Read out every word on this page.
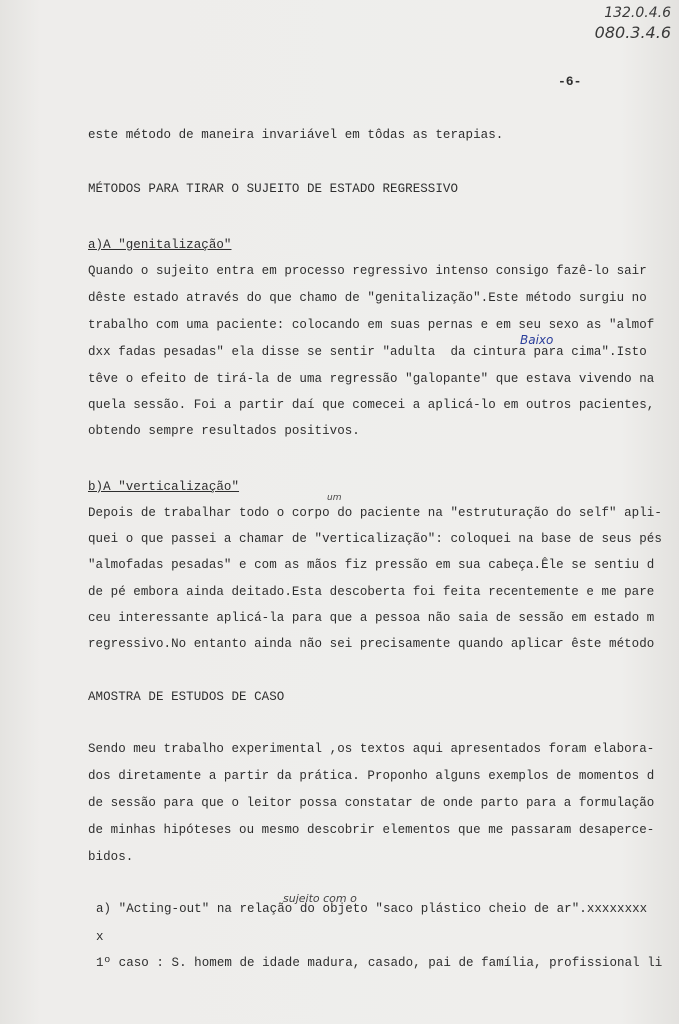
132.0.4.6
080.3.4.6
-6-
este método de maneira invariável em tôdas as terapias.
MÉTODOS PARA TIRAR O SUJEITO DE ESTADO REGRESSIVO
a)A "genitalização"
Quando o sujeito entra em processo regressivo intenso consigo fazê-lo sair
dêste estado através do que chamo de "genitalização".Este método surgiu no
trabalho com uma paciente: colocando em suas pernas e em seu sexo as "almof
dxx fadas pesadas" ela disse se sentir "adulta  da cintura para cima".Isto
têve o efeito de tirá-la de uma regressão "galopante" que estava vivendo na
quela sessão. Foi a partir daí que comecei a aplicá-lo em outros pacientes,
obtendo sempre resultados positivos.
b)A "verticalização"
Depois de trabalhar todo o corpo do paciente na "estruturação do self" apli-
quei o que passei a chamar de "verticalização": coloquei na base de seus pés
"almofadas pesadas" e com as mãos fiz pressão em sua cabeça.Êle se sentiu d
de pé embora ainda deitado.Esta descoberta foi feita recentemente e me pare
ceu interessante aplicá-la para que a pessoa não saia de sessão em estado m
regressivo.No entanto ainda não sei precisamente quando aplicar êste método
AMOSTRA DE ESTUDOS DE CASO
Sendo meu trabalho experimental ,os textos aqui apresentados foram elabora-
dos diretamente a partir da prática. Proponho alguns exemplos de momentos d
de sessão para que o leitor possa constatar de onde parto para a formulação
de minhas hipóteses ou mesmo descobrir elementos que me passaram desaperce-
bidos.
a) "Acting-out" na relação do objeto "saco plástico cheio de ar".xxxxxxxx
x
1º caso : S. homem de idade madura, casado, pai de família, profissional li
Baixo
um
sujeito com o
